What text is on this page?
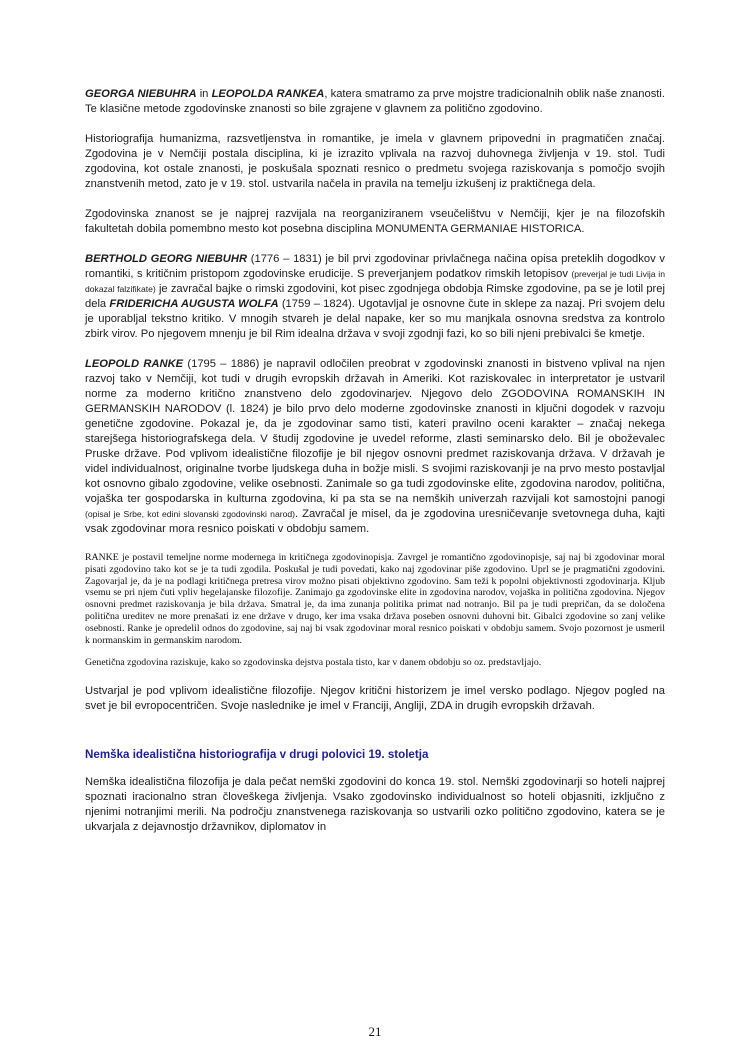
GEORGA NIEBUHRA in LEOPOLDA RANKEA, katera smatramo za prve mojstre tradicionalnih oblik naše znanosti. Te klasične metode zgodovinske znanosti so bile zgrajene v glavnem za politično zgodovino.

Historiografija humanizma, razsvetljenstva in romantike, je imela v glavnem pripovedni in pragmatičen značaj. Zgodovina je v Nemčiji postala disciplina, ki je izrazito vplivala na razvoj duhovnega življenja v 19. stol. Tudi zgodovina, kot ostale znanosti, je poskušala spoznati resnico o predmetu svojega raziskovanja s pomočjo svojih znanstvenih metod, zato je v 19. stol. ustvarila načela in pravila na temelju izkušenj iz praktičnega dela.

Zgodovinska znanost se je najprej razvijala na reorganiziranem vseučelištvu v Nemčiji, kjer je na filozofskih fakultetah dobila pomembno mesto kot posebna disciplina MONUMENTA GERMANIAE HISTORICA.

BERTHOLD GEORG NIEBUHR (1776 – 1831) je bil prvi zgodovinar privlačnega načina opisa preteklih dogodkov v romantiki, s kritičnim pristopom zgodovinske erudicije. S preverjanjem podatkov rimskih letopisov (preverjal je tudi Livija in dokazal falzifikate) je zavračal bajke o rimski zgodovini, kot pisec zgodnjega obdobja Rimske zgodovine, pa se je lotil prej dela FRIDERICHA AUGUSTA WOLFA (1759 – 1824). Ugotavljal je osnovne čute in sklepe za nazaj. Pri svojem delu je uporabljal tekstno kritiko. V mnogih stvareh je delal napake, ker so mu manjkala osnovna sredstva za kontrolo zbirk virov. Po njegovem mnenju je bil Rim idealna država v svoji zgodnji fazi, ko so bili njeni prebivalci še kmetje.

LEOPOLD RANKE (1795 – 1886) je napravil odločilen preobrat v zgodovinski znanosti in bistveno vplival na njen razvoj tako v Nemčiji, kot tudi v drugih evropskih državah in Ameriki. Kot raziskovalec in interpretator je ustvaril norme za moderno kritično znanstveno delo zgodovinarjev. Njegovo delo ZGODOVINA ROMANSKIH IN GERMANSKIH NARODOV (l. 1824) je bilo prvo delo moderne zgodovinske znanosti in ključni dogodek v razvoju genetične zgodovine. Pokazal je, da je zgodovinar samo tisti, kateri pravilno oceni karakter – značaj nekega starejšega historiografskega dela. V študij zgodovine je uvedel reforme, zlasti seminarsko delo. Bil je oboževalec Pruske države. Pod vplivom idealistične filozofije je bil njegov osnovni predmet raziskovanja država. V državah je videl individualnost, originalne tvorbe ljudskega duha in božje misli. S svojimi raziskovanji je na prvo mesto postavljal kot osnovno gibalo zgodovine, velike osebnosti. Zanimale so ga tudi zgodovinske elite, zgodovina narodov, politična, vojaška ter gospodarska in kulturna zgodovina, ki pa sta se na nemških univerzah razvijali kot samostojni panogi (opisal je Srbe, kot edini slovanski zgodovinski narod). Zavračal je misel, da je zgodovina uresničevanje svetovnega duha, kajti vsak zgodovinar mora resnico poiskati v obdobju samem.

RANKE je postavil temeljne norme modernega in kritičnega zgodovinopisja. Zavrgel je romantično zgodovinopisje, saj naj bi zgodovinar moral pisati zgodovino tako kot se je ta tudi zgodila. Poskušal je tudi povedati, kako naj zgodovinar piše zgodovino. Uprl se je pragmatični zgodovini. Zagovarjal je, da je na podlagi kritičnega pretresa virov možno pisati objektivno zgodovino. Sam teži k popolni objektivnosti zgodovinarja. Kljub vsemu se pri njem čuti vpliv hegelajanske filozofije. Zanimajo ga zgodovinske elite in zgodovina narodov, vojaška in politična zgodovina. Njegov osnovni predmet raziskovanja je bila država. Smatral je, da ima zunanja politika primat nad notranjo. Bil pa je tudi prepričan, da se določena politična ureditev ne more prenašati iz ene države v drugo, ker ima vsaka država poseben osnovni duhovni bit. Gibalci zgodovine so zanj velike osebnosti. Ranke je opredelil odnos do zgodovine, saj naj bi vsak zgodovinar moral resnico poiskati v obdobju samem. Svojo pozornost je usmeril k normanskim in germanskim narodom.

Genetična zgodovina raziskuje, kako so zgodovinska dejstva postala tisto, kar v danem obdobju so oz. predstavljajo.

Ustvarjal je pod vplivom idealistične filozofije. Njegov kritični historizem je imel versko podlago. Njegov pogled na svet je bil evropocentričen. Svoje naslednike je imel v Franciji, Angliji, ZDA in drugih evropskih državah.

Nemška idealistična historiografija v drugi polovici 19. stoletja

Nemška idealistična filozofija je dala pečat nemški zgodovini do konca 19. stol. Nemški zgodovinarji so hoteli najprej spoznati iracionalno stran človeškega življenja. Vsako zgodovinsko individualnost so hoteli objasniti, izključno z njenimi notranjimi merili. Na področju znanstvenega raziskovanja so ustvarili ozko politično zgodovino, katera se je ukvarjala z dejavnostjo državnikov, diplomatov in

21
